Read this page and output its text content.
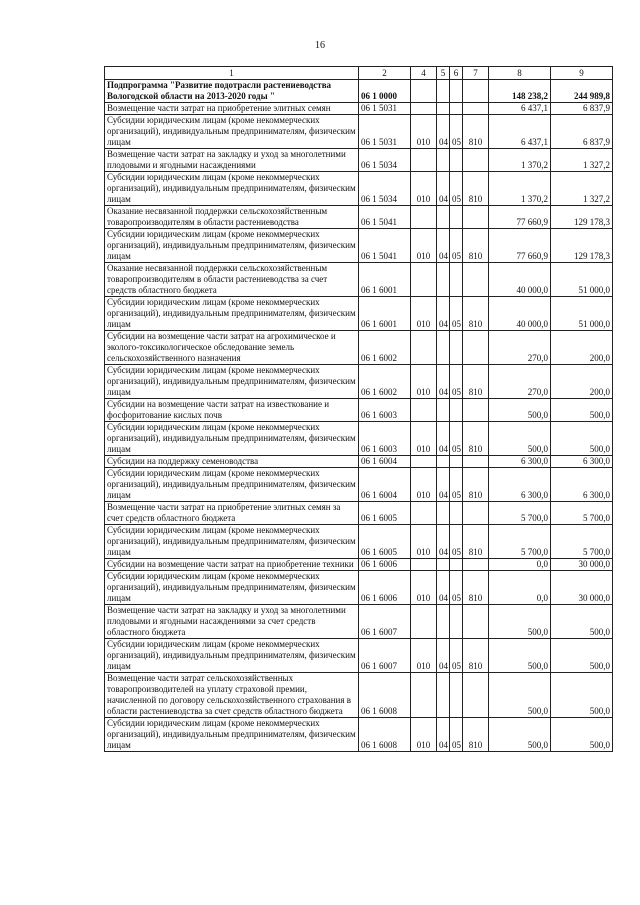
16
1	2	4	5	6	7	8	9
Подпрограмма "Развитие подотрасли растениеводства Вологодской области на 2013-2020 годы "	06 1 0000					148 238,2	244 989,8
Возмещение части затрат на приобретение элитных семян	06 1 5031					6 437,1	6 837,9
Субсидии юридическим лицам (кроме некоммерческих организаций), индивидуальным предпринимателям, физическим лицам	06 1 5031	010	04	05	810	6 437,1	6 837,9
Возмещение части затрат на закладку и уход за многолетними плодовыми и ягодными насаждениями	06 1 5034					1 370,2	1 327,2
Субсидии юридическим лицам (кроме некоммерческих организаций), индивидуальным предпринимателям, физическим лицам	06 1 5034	010	04	05	810	1 370,2	1 327,2
Оказание несвязанной поддержки сельскохозяйственным товаропроизводителям в области растениеводства	06 1 5041					77 660,9	129 178,3
Субсидии юридическим лицам (кроме некоммерческих организаций), индивидуальным предпринимателям, физическим лицам	06 1 5041	010	04	05	810	77 660,9	129 178,3
Оказание несвязанной поддержки сельскохозяйственным товаропроизводителям в области растениеводства за счет средств областного бюджета	06 1 6001					40 000,0	51 000,0
Субсидии юридическим лицам (кроме некоммерческих организаций), индивидуальным предпринимателям, физическим лицам	06 1 6001	010	04	05	810	40 000,0	51 000,0
Субсидии на возмещение части затрат на агрохимическое и эколого-токсикологическое обследование земель сельскохозяйственного назначения	06 1 6002					270,0	200,0
Субсидии юридическим лицам (кроме некоммерческих организаций), индивидуальным предпринимателям, физическим лицам	06 1 6002	010	04	05	810	270,0	200,0
Субсидии на возмещение части затрат на известкование и фосфоритование кислых почв	06 1 6003					500,0	500,0
Субсидии юридическим лицам (кроме некоммерческих организаций), индивидуальным предпринимателям, физическим лицам	06 1 6003	010	04	05	810	500,0	500,0
Субсидии на поддержку семеноводства	06 1 6004					6 300,0	6 300,0
Субсидии юридическим лицам (кроме некоммерческих организаций), индивидуальным предпринимателям, физическим лицам	06 1 6004	010	04	05	810	6 300,0	6 300,0
Возмещение части затрат на приобретение элитных семян за счет средств областного бюджета	06 1 6005					5 700,0	5 700,0
Субсидии юридическим лицам (кроме некоммерческих организаций), индивидуальным предпринимателям, физическим лицам	06 1 6005	010	04	05	810	5 700,0	5 700,0
Субсидии на возмещение части затрат на приобретение техники	06 1 6006					0,0	30 000,0
Субсидии юридическим лицам (кроме некоммерческих организаций), индивидуальным предпринимателям, физическим лицам	06 1 6006	010	04	05	810	0,0	30 000,0
Возмещение части затрат на закладку и уход за многолетними плодовыми и ягодными насаждениями за счет средств областного бюджета	06 1 6007					500,0	500,0
Субсидии юридическим лицам (кроме некоммерческих организаций), индивидуальным предпринимателям, физическим лицам	06 1 6007	010	04	05	810	500,0	500,0
Возмещение части затрат сельскохозяйственных товаропроизводителей на уплату страховой премии, начисленной по договору сельскохозяйственного страхования в области растениеводства за счет средств областного бюджета	06 1 6008					500,0	500,0
Субсидии юридическим лицам (кроме некоммерческих организаций), индивидуальным предпринимателям, физическим лицам	06 1 6008	010	04	05	810	500,0	500,0
